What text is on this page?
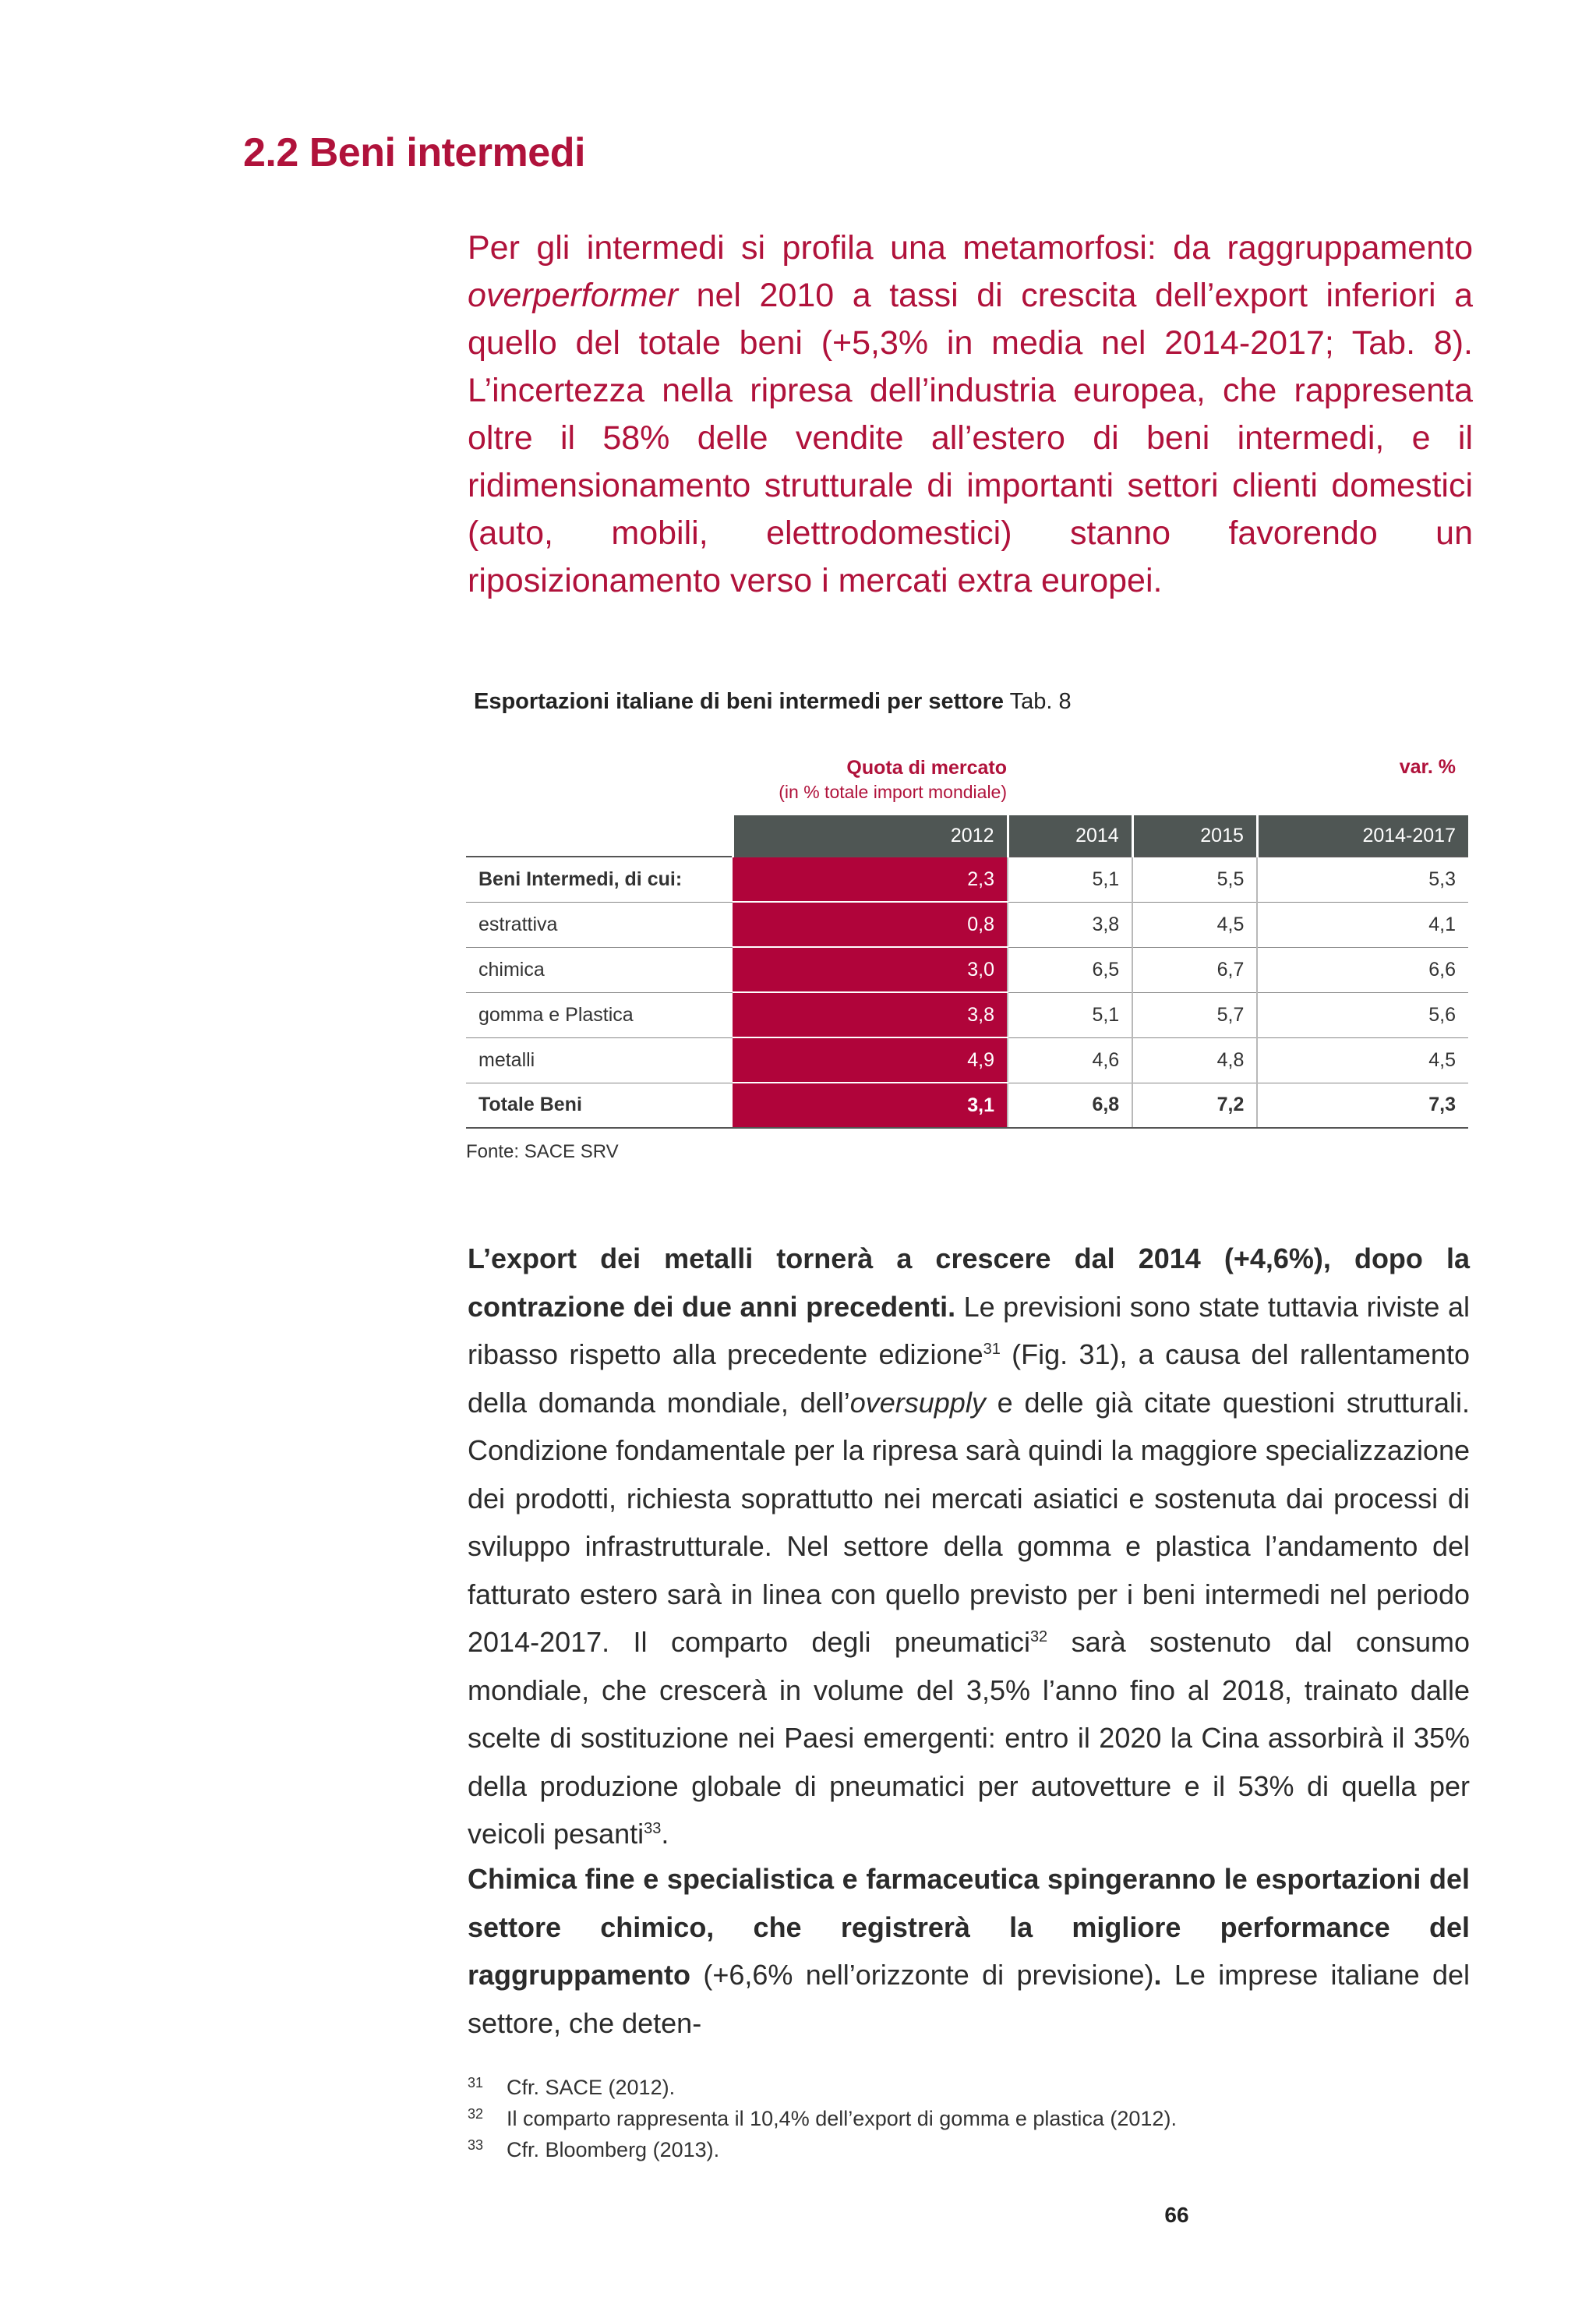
2.2 Beni intermedi

Per gli intermedi si profila una metamorfosi: da raggruppamento overperformer nel 2010 a tassi di crescita dell’export inferiori a quello del totale beni (+5,3% in media nel 2014-2017; Tab. 8). L’incertezza nella ripresa dell’industria europea, che rappresenta oltre il 58% delle vendite all’estero di beni intermedi, e il ridimensionamento strutturale di importanti settori clienti domestici (auto, mobili, elettrodomestici) stanno favorendo un riposizionamento verso i mercati extra europei.

Esportazioni italiane di beni intermedi per settore Tab. 8

Quota di mercato
(in % totale import mondiale)
var. %
	2012	2014	2015	2014-2017
Beni Intermedi, di cui:	2,3	5,1	5,5	5,3
estrattiva	0,8	3,8	4,5	4,1
chimica	3,0	6,5	6,7	6,6
gomma e Plastica	3,8	5,1	5,7	5,6
metalli	4,9	4,6	4,8	4,5
Totale Beni	3,1	6,8	7,2	7,3

Fonte: SACE SRV

L’export dei metalli tornerà a crescere dal 2014 (+4,6%), dopo la contrazione dei due anni precedenti. Le previsioni sono state tuttavia riviste al ribasso rispetto alla precedente edizione$^{31}$ (Fig. 31), a causa del rallentamento della domanda mondiale, dell’oversupply e delle già citate questioni strutturali. Condizione fondamentale per la ripresa sarà quindi la maggiore specializzazione dei prodotti, richiesta soprattutto nei mercati asiatici e sostenuta dai processi di sviluppo infrastrutturale. Nel settore della gomma e plastica l’andamento del fatturato estero sarà in linea con quello previsto per i beni intermedi nel periodo 2014-2017. Il comparto degli pneumatici$^{32}$ sarà sostenuto dal consumo mondiale, che crescerà in volume del 3,5% l’anno fino al 2018, trainato dalle scelte di sostituzione nei Paesi emergenti: entro il 2020 la Cina assorbirà il 35% della produzione globale di pneumatici per autovetture e il 53% di quella per veicoli pesanti$^{33}$.

Chimica fine e specialistica e farmaceutica spingeranno le esportazioni del settore chimico, che registrerà la migliore performance del raggruppamento (+6,6% nell’orizzonte di previsione). Le imprese italiane del settore, che deten-

31	Cfr. SACE (2012).
32	Il comparto rappresenta il 10,4% dell’export di gomma e plastica (2012).
33	Cfr. Bloomberg (2013).
66
